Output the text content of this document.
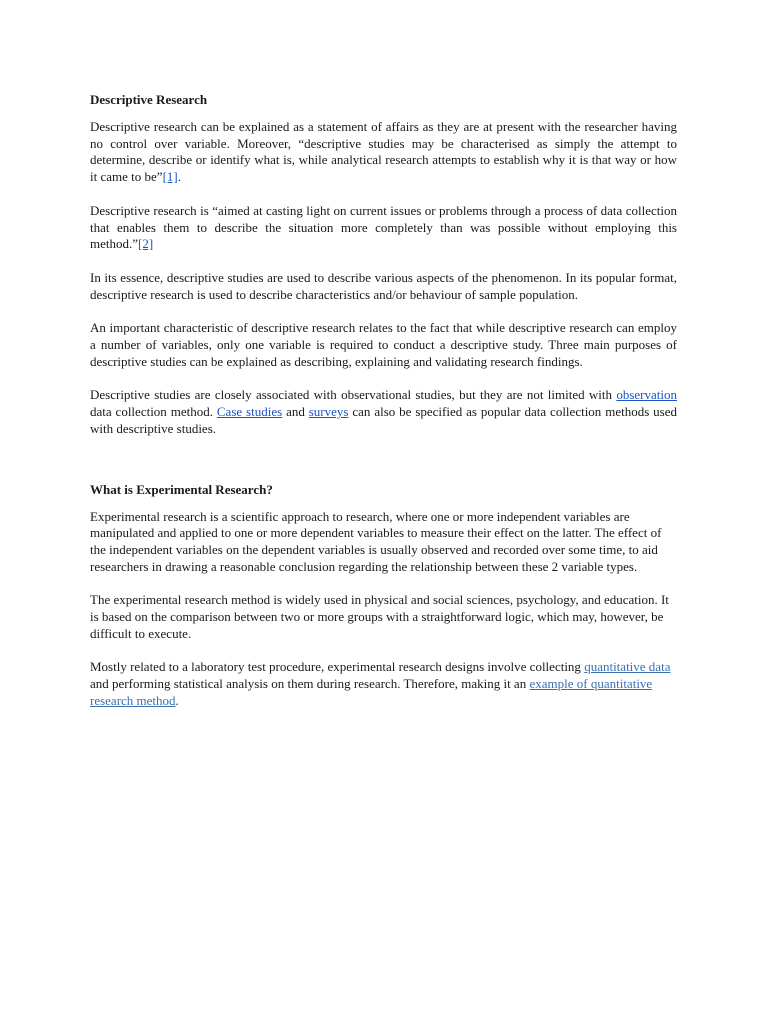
Descriptive Research

Descriptive research can be explained as a statement of affairs as they are at present with the researcher having no control over variable. Moreover, “descriptive studies may be characterised as simply the attempt to determine, describe or identify what is, while analytical research attempts to establish why it is that way or how it came to be”[1].

Descriptive research is “aimed at casting light on current issues or problems through a process of data collection that enables them to describe the situation more completely than was possible without employing this method.”[2]

In its essence, descriptive studies are used to describe various aspects of the phenomenon. In its popular format, descriptive research is used to describe characteristics and/or behaviour of sample population.

An important characteristic of descriptive research relates to the fact that while descriptive research can employ a number of variables, only one variable is required to conduct a descriptive study. Three main purposes of descriptive studies can be explained as describing, explaining and validating research findings.

Descriptive studies are closely associated with observational studies, but they are not limited with observation data collection method. Case studies and surveys can also be specified as popular data collection methods used with descriptive studies.

What is Experimental Research?

Experimental research is a scientific approach to research, where one or more independent variables are manipulated and applied to one or more dependent variables to measure their effect on the latter. The effect of the independent variables on the dependent variables is usually observed and recorded over some time, to aid researchers in drawing a reasonable conclusion regarding the relationship between these 2 variable types.

The experimental research method is widely used in physical and social sciences, psychology, and education. It is based on the comparison between two or more groups with a straightforward logic, which may, however, be difficult to execute.

Mostly related to a laboratory test procedure, experimental research designs involve collecting quantitative data and performing statistical analysis on them during research. Therefore, making it an example of quantitative research method.
